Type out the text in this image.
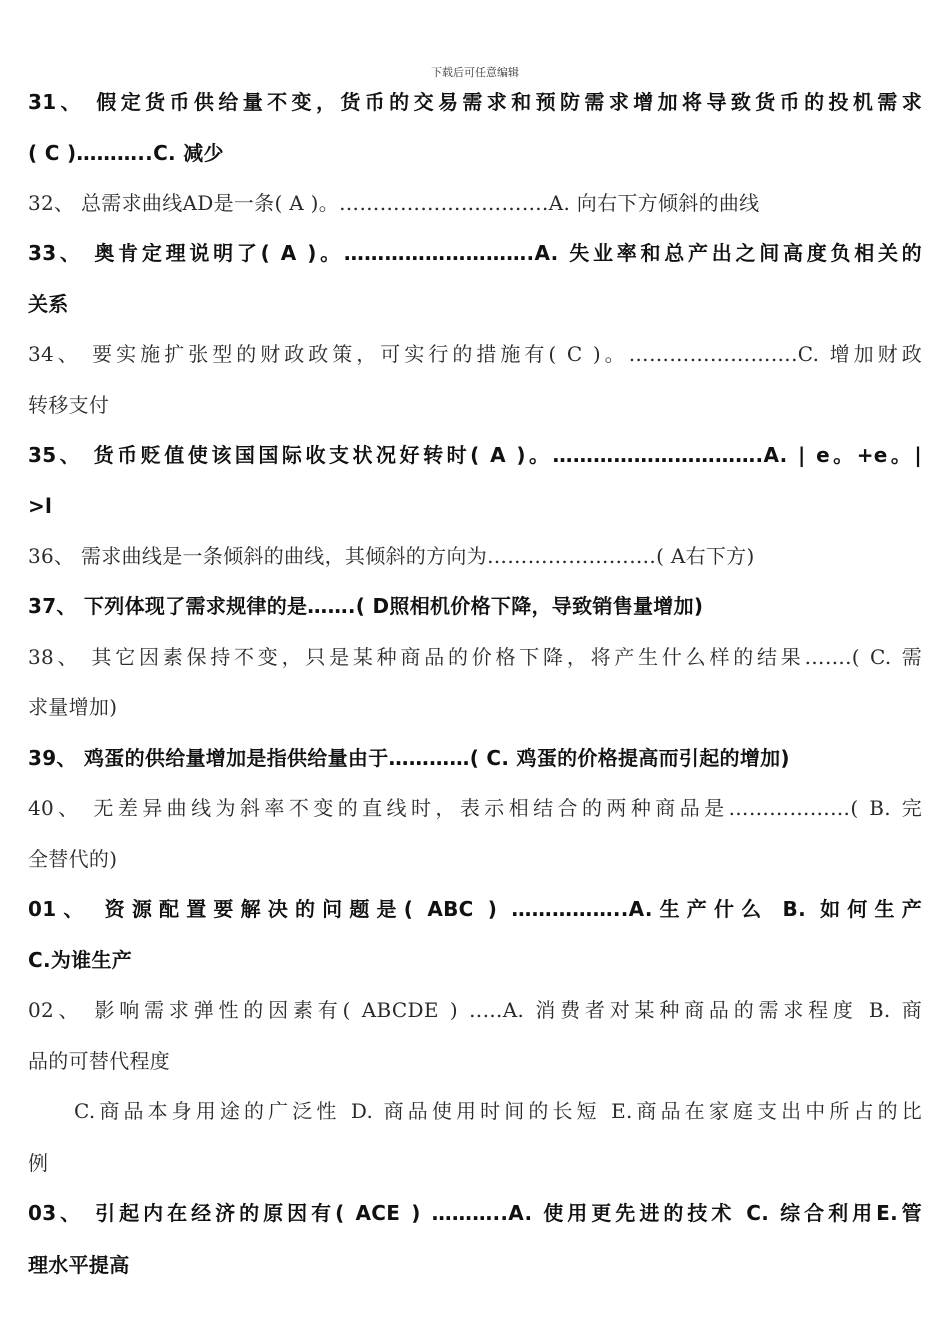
下载后可任意编辑
31、 假定货币供给量不变，货币的交易需求和预防需求增加将导致货币的投机需求
( C )………..C. 减少
32、 总需求曲线AD是一条( A )。………………………….A. 向右下方倾斜的曲线
33、 奥肯定理说明了( A )。……………………….A. 失业率和总产出之间高度负相关的
关系
34、 要实施扩张型的财政政策，可实行的措施有( C )。…………………….C. 增加财政
转移支付
35、 货币贬值使该国国际收支状况好转时( A )。………………………….A. | e。+e。|
>l
36、 需求曲线是一条倾斜的曲线，其倾斜的方向为…………………….( A右下方)
37、 下列体现了需求规律的是…….( D照相机价格下降，导致销售量增加)
38、 其它因素保持不变，只是某种商品的价格下降，将产生什么样的结果…….( C. 需
求量增加)
39、 鸡蛋的供给量增加是指供给量由于…………( C. 鸡蛋的价格提高而引起的增加)
40、 无差异曲线为斜率不变的直线时，表示相结合的两种商品是………………( B. 完
全替代的)
01、 资源配置要解决的问题是( ABC ) ……………..A.生产什么 B. 如何生产
C.为谁生产
02、 影响需求弹性的因素有( ABCDE ) ..…A. 消费者对某种商品的需求程度 B. 商
品的可替代程度
C.商品本身用途的广泛性 D. 商品使用时间的长短 E.商品在家庭支出中所占的比
例
03、 引起内在经济的原因有( ACE ) ………..A. 使用更先进的技术 C. 综合利用E.管
理水平提高
